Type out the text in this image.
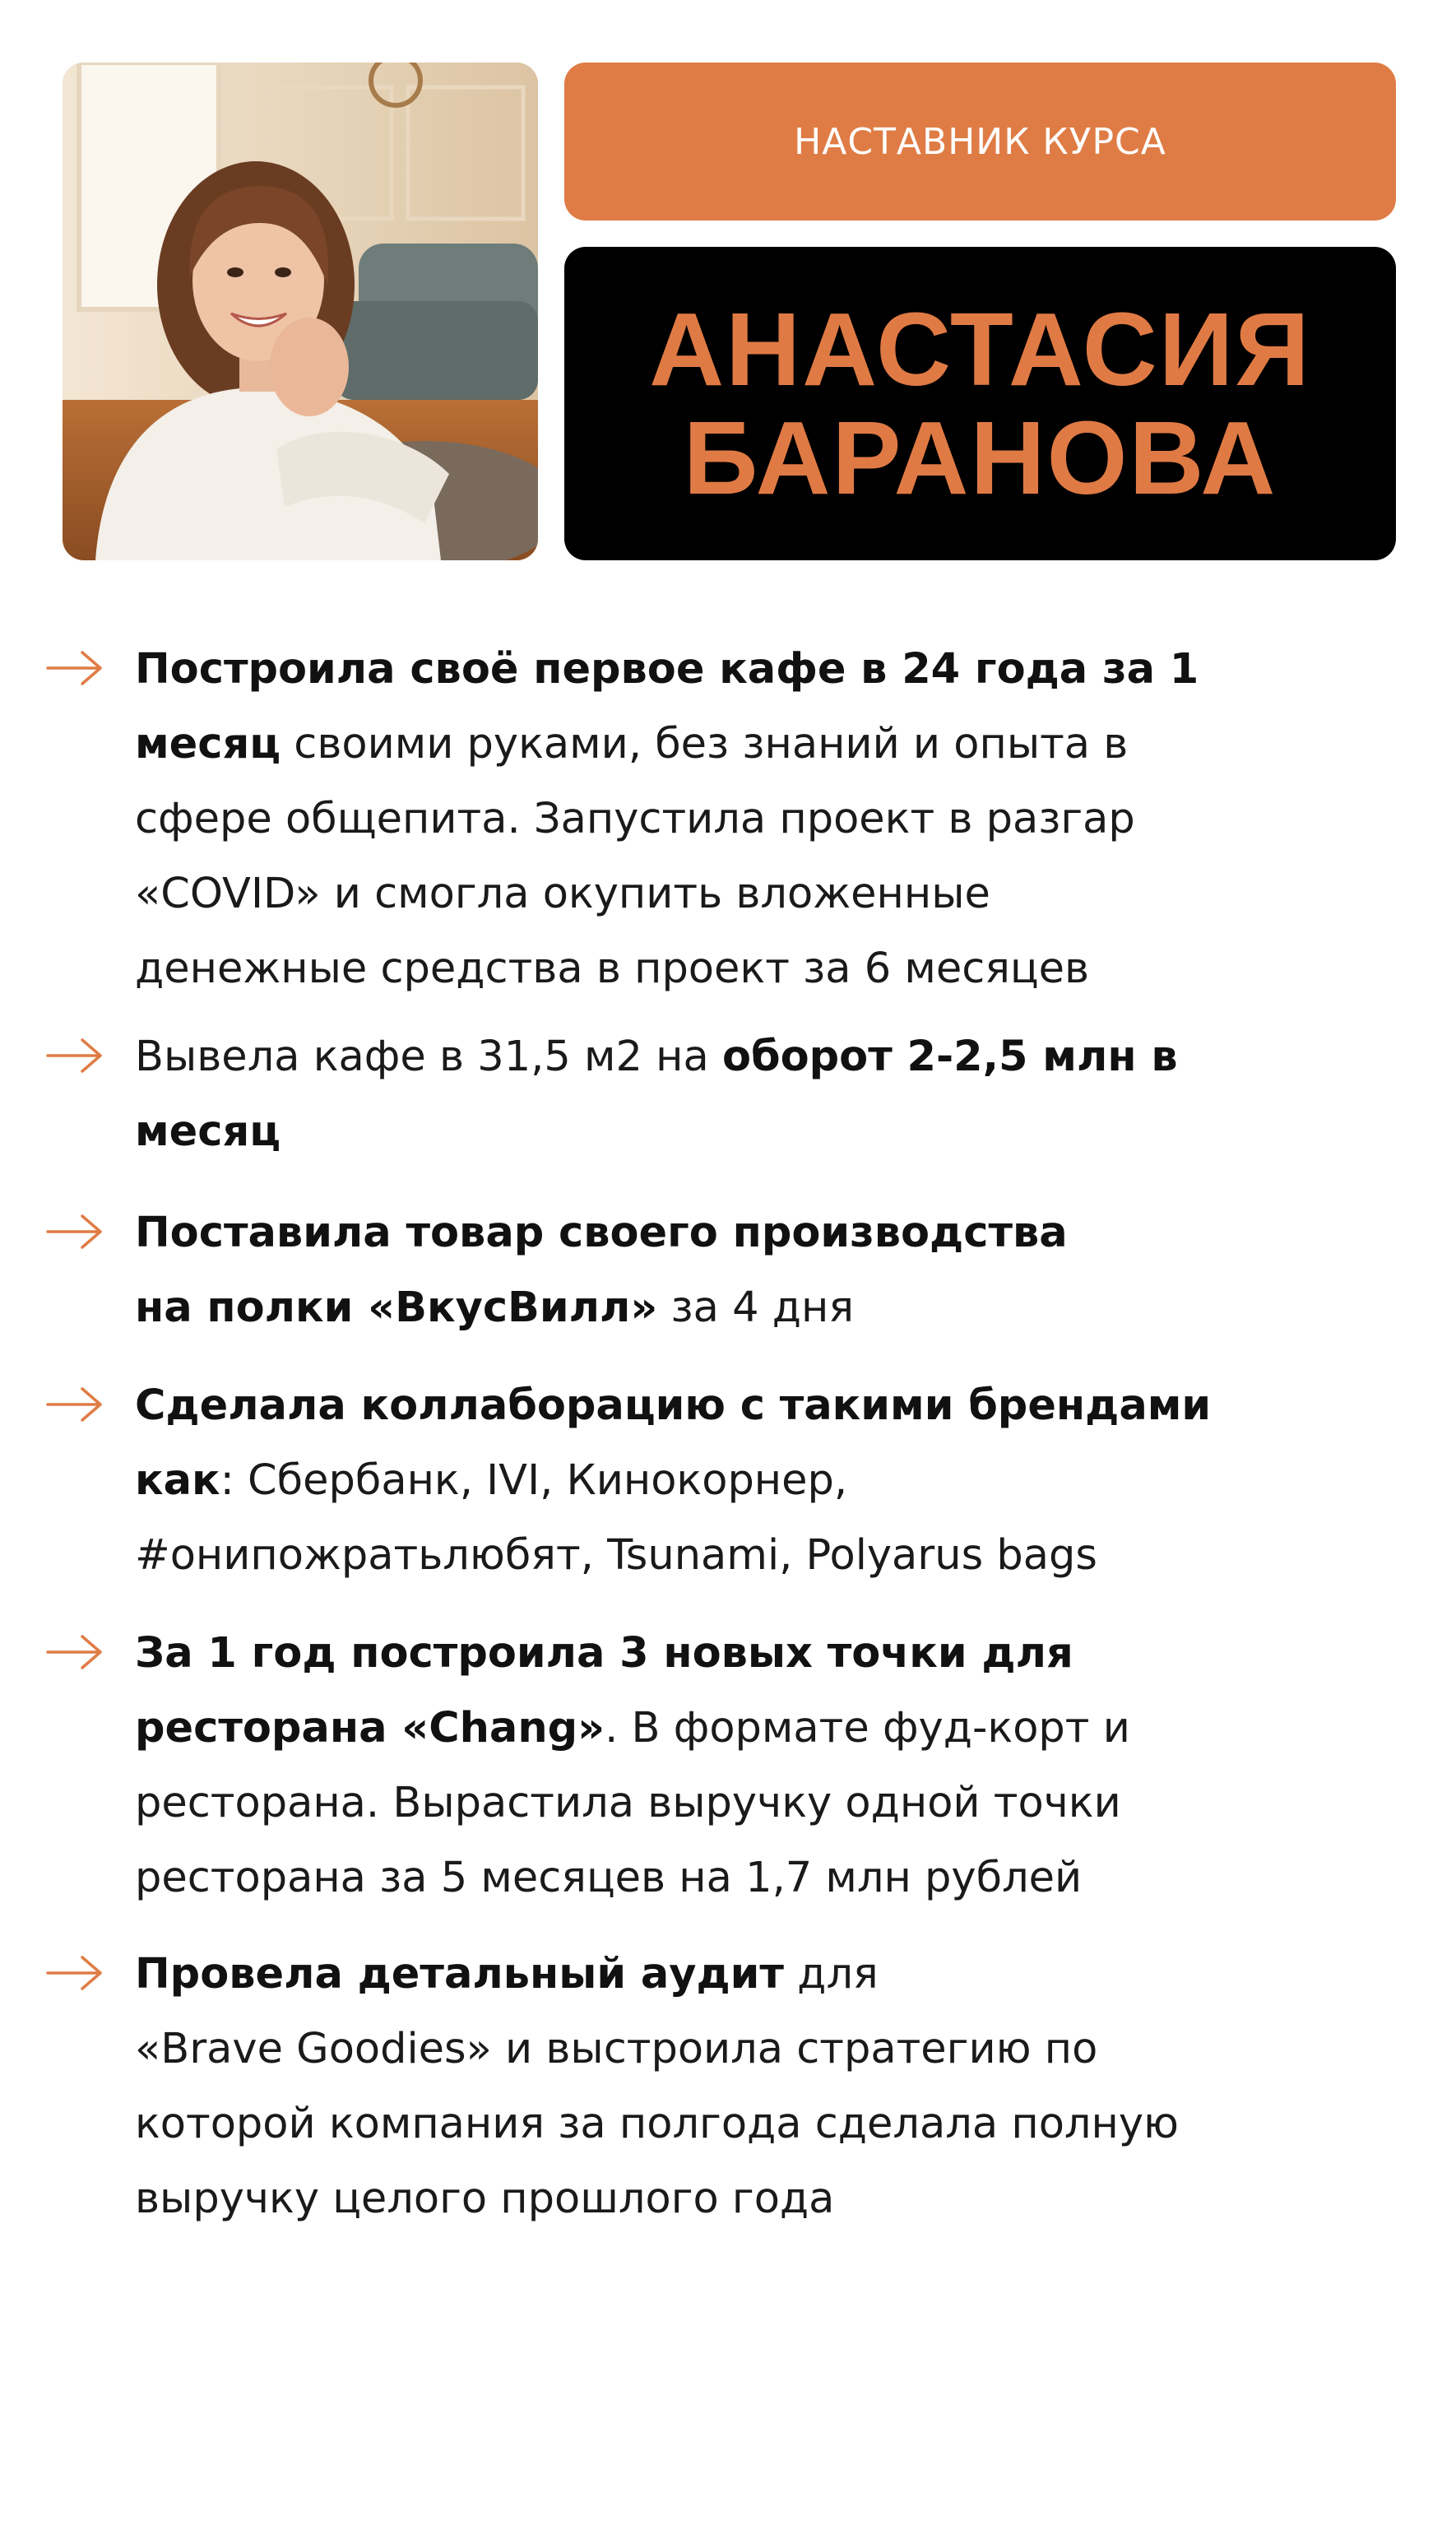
НАСТАВНИК КУРСА
АНАСТАСИЯ
БАРАНОВА
Построила своё первое кафе в 24 года за 1
месяц своими руками, без знаний и опыта в
сфере общепита. Запустила проект в разгар
«COVID» и смогла окупить вложенные
денежные средства в проект за 6 месяцев
Вывела кафе в 31,5 м2 на оборот 2-2,5 млн в
месяц
Поставила товар своего производства
на полки «ВкусВилл» за 4 дня
Сделала коллаборацию с такими брендами
как: Сбербанк, IVI, Кинокорнер,
#онипожратьлюбят, Tsunami, Polyarus bags
За 1 год построила 3 новых точки для
ресторана «Chang». В формате фуд-корт и
ресторана. Вырастила выручку одной точки
ресторана за 5 месяцев на 1,7 млн рублей
Провела детальный аудит для
«Brave Goodies» и выстроила стратегию по
которой компания за полгода сделала полную
выручку целого прошлого года
